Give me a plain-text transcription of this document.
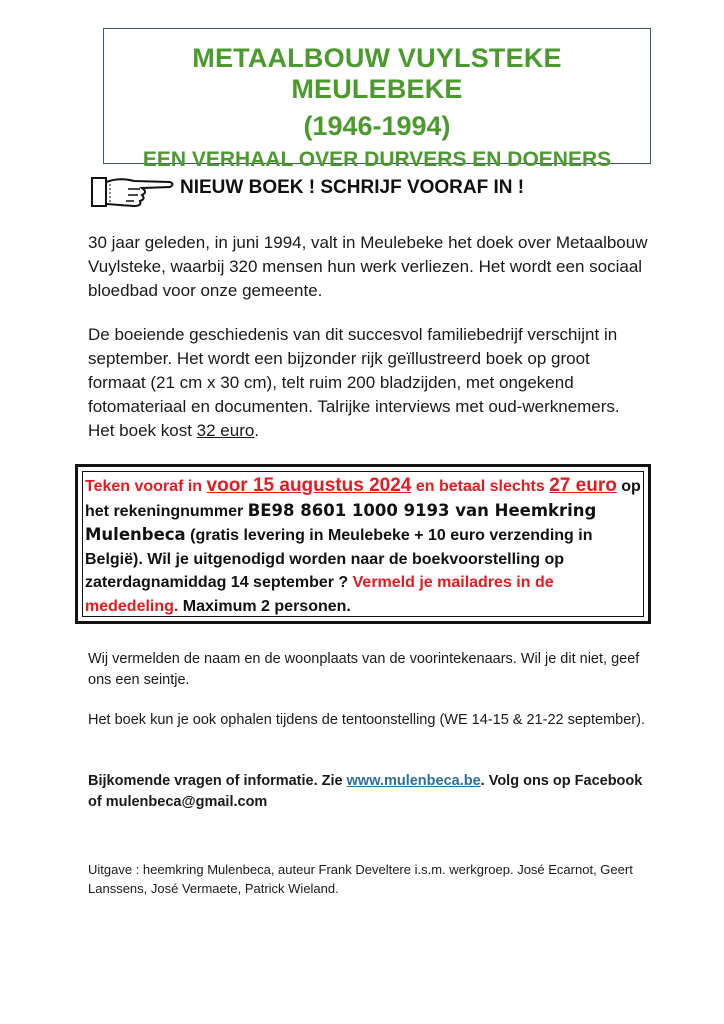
METAALBOUW VUYLSTEKE MEULEBEKE
(1946-1994)
EEN VERHAAL OVER DURVERS EN DOENERS
NIEUW BOEK ! SCHRIJF VOORAF IN !
30 jaar geleden, in juni 1994, valt in Meulebeke het doek over Metaalbouw Vuylsteke, waarbij 320 mensen hun werk verliezen. Het wordt een sociaal bloedbad voor onze gemeente.
De boeiende geschiedenis van dit succesvol familiebedrijf verschijnt in september. Het wordt een bijzonder rijk geïllustreerd boek op groot formaat (21 cm x 30 cm), telt ruim 200 bladzijden, met ongekend fotomateriaal en documenten. Talrijke interviews met oud-werknemers. Het boek kost 32 euro.
Teken vooraf in voor 15 augustus 2024 en betaal slechts 27 euro op het rekeningnummer BE98 8601 1000 9193 van Heemkring Mulenbeca (gratis levering in Meulebeke + 10 euro verzending in België). Wil je uitgenodigd worden naar de boekvoorstelling op zaterdagnamiddag 14 september ? Vermeld je mailadres in de mededeling. Maximum 2 personen.
Wij vermelden de naam en de woonplaats van de voorintekenaars. Wil je dit niet, geef ons een seintje.
Het boek kun je ook ophalen tijdens de tentoonstelling (WE 14-15 & 21-22 september).
Bijkomende vragen of informatie. Zie www.mulenbeca.be. Volg ons op Facebook of mulenbeca@gmail.com
Uitgave : heemkring Mulenbeca, auteur Frank Develtere i.s.m. werkgroep. José Ecarnot, Geert Lanssens, José Vermaete, Patrick Wieland.
